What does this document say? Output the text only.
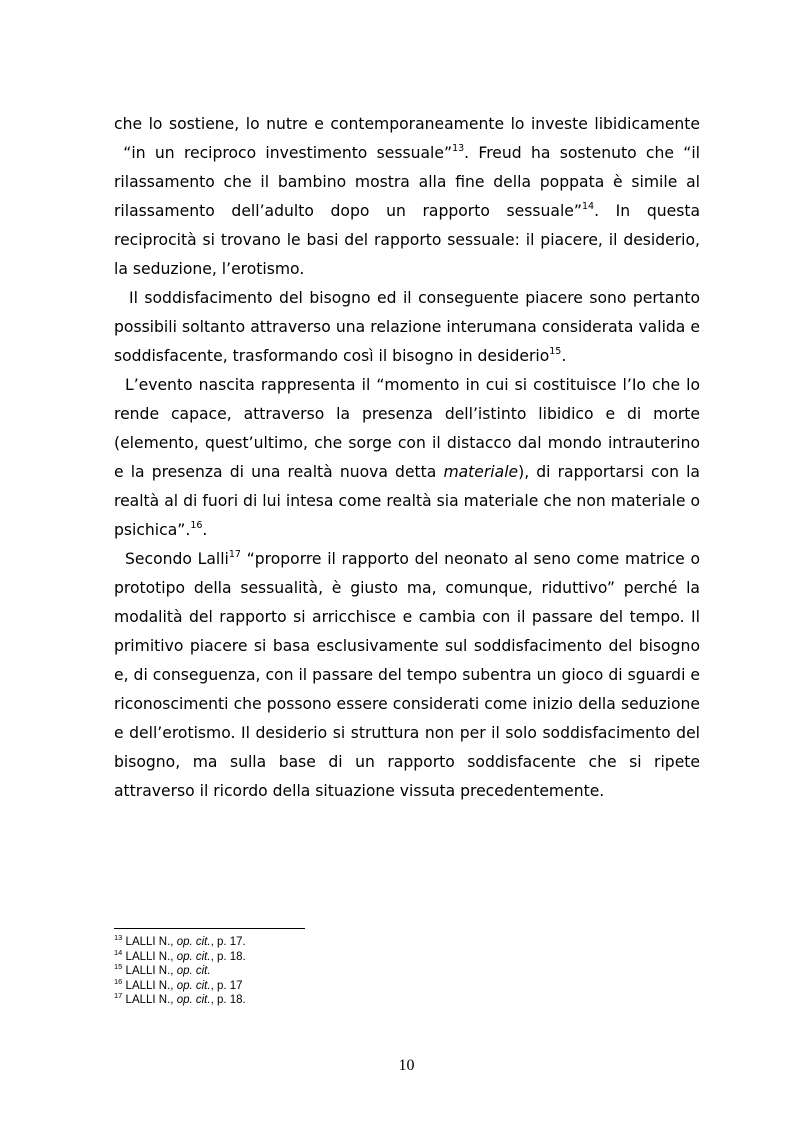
che lo sostiene, lo nutre e contemporaneamente lo investe libidicamente  “in un reciproco investimento sessuale”$^{13}$. Freud ha sostenuto che “il rilassamento che il bambino mostra alla fine della poppata è simile al rilassamento dell’adulto dopo un rapporto sessuale”$^{14}$. In questa reciprocità si trovano le basi del rapporto sessuale: il piacere, il desiderio, la seduzione, l’erotismo.

Il soddisfacimento del bisogno ed il conseguente piacere sono pertanto possibili soltanto attraverso una relazione interumana considerata valida e soddisfacente, trasformando così il bisogno in desiderio$^{15}$.

L’evento nascita rappresenta il “momento in cui si costituisce l’Io che lo rende capace, attraverso la presenza dell’istinto libidico e di morte (elemento, quest’ultimo, che sorge con il distacco dal mondo intrauterino e la presenza di una realtà nuova detta materiale), di rapportarsi con la realtà al di fuori di lui intesa come realtà sia materiale che non materiale o psichica”.$^{16}$.

Secondo Lalli$^{17}$ “proporre il rapporto del neonato al seno come matrice o prototipo della sessualità, è giusto ma, comunque, riduttivo” perché la modalità del rapporto si arricchisce e cambia con il passare del tempo. Il primitivo piacere si basa esclusivamente sul soddisfacimento del bisogno e, di conseguenza, con il passare del tempo subentra un gioco di sguardi e riconoscimenti che possono essere considerati come inizio della seduzione e dell’erotismo. Il desiderio si struttura non per il solo soddisfacimento del bisogno, ma sulla base di un rapporto soddisfacente che si ripete attraverso il ricordo della situazione vissuta precedentemente.

$^{13}$ LALLI N., op. cit., p. 17.
$^{14}$ LALLI N., op. cit., p. 18.
$^{15}$ LALLI N., op. cit.
$^{16}$ LALLI N., op. cit., p. 17
$^{17}$ LALLI N., op. cit., p. 18.
10
